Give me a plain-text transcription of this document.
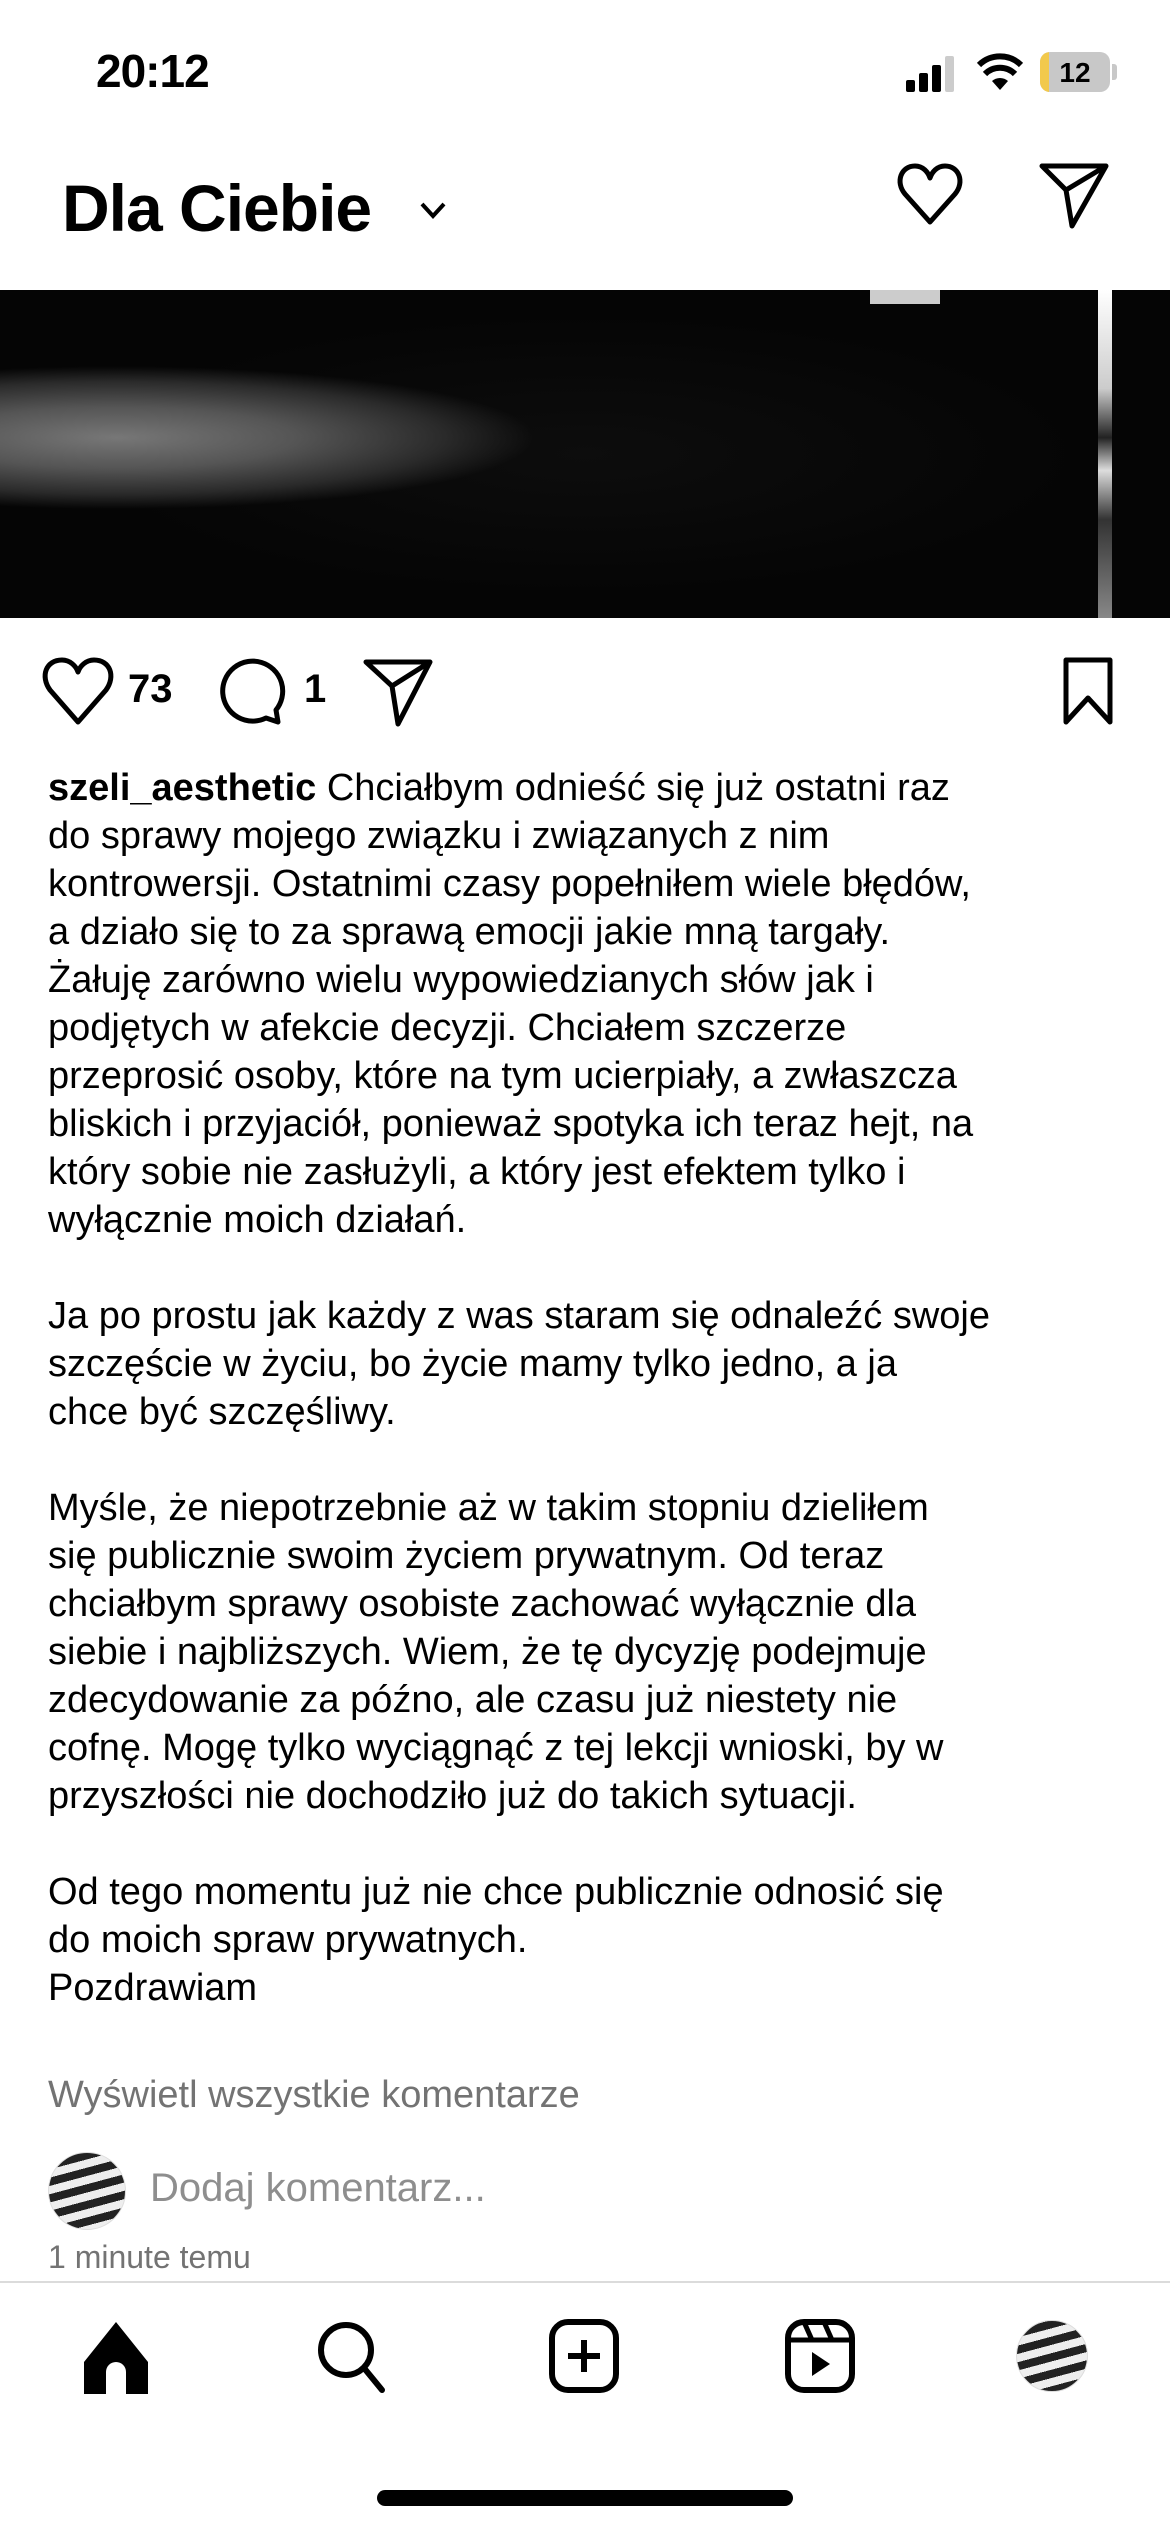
20:12	12
Dla Ciebie
73	1
szeli_aesthetic Chciałbym odnieść się już ostatni raz
do sprawy mojego związku i związanych z nim
kontrowersji. Ostatnimi czasy popełniłem wiele błędów,
a działo się to za sprawą emocji jakie mną targały.
Żałuję zarówno wielu wypowiedzianych słów jak i
podjętych w afekcie decyzji. Chciałem szczerze
przeprosić osoby, które na tym ucierpiały, a zwłaszcza
bliskich i przyjaciół, ponieważ spotyka ich teraz hejt, na
który sobie nie zasłużyli, a który jest efektem tylko i
wyłącznie moich działań.
Ja po prostu jak każdy z was staram się odnaleźć swoje
szczęście w życiu, bo życie mamy tylko jedno, a ja
chce być szczęśliwy.
Myśle, że niepotrzebnie aż w takim stopniu dzieliłem
się publicznie swoim życiem prywatnym. Od teraz
chciałbym sprawy osobiste zachować wyłącznie dla
siebie i najbliższych. Wiem, że tę dycyzję podejmuje
zdecydowanie za późno, ale czasu już niestety nie
cofnę. Mogę tylko wyciągnąć z tej lekcji wnioski, by w
przyszłości nie dochodziło już do takich sytuacji.
Od tego momentu już nie chce publicznie odnosić się
do moich spraw prywatnych.
Pozdrawiam
Wyświetl wszystkie komentarze
Dodaj komentarz...
1 minute temu
